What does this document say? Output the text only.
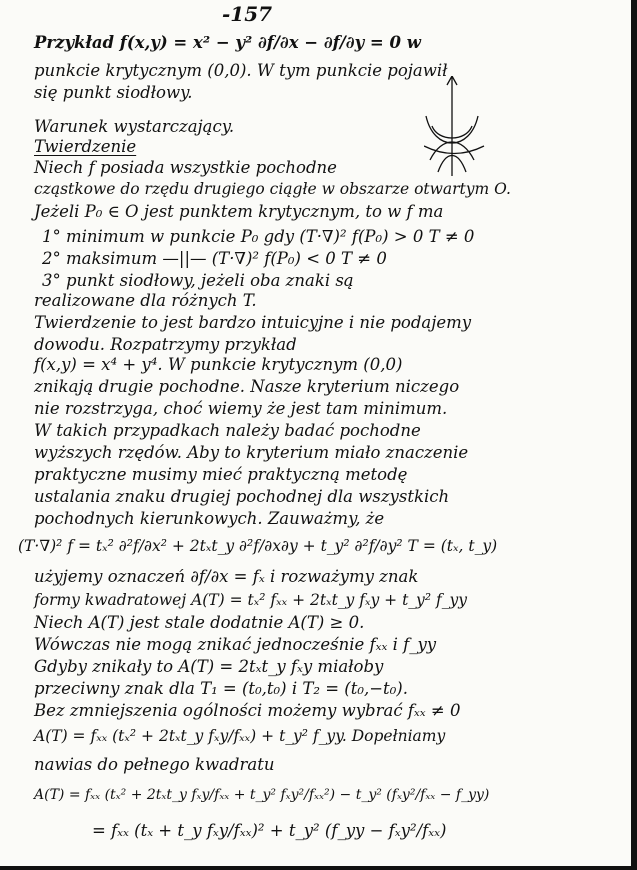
-157
Przykład f(x,y) = x² − y² ∂f/∂x − ∂f/∂y = 0 w
punkcie krytycznym (0,0). W tym punkcie pojawił
się punkt siodłowy.
Warunek wystarczający.
Twierdzenie
Niech f posiada wszystkie pochodne
cząstkowe do rzędu drugiego ciągłe w obszarze otwartym O.
Jeżeli P₀ ∈ O jest punktem krytycznym, to w f ma
1° minimum w punkcie P₀ gdy (T·∇)² f(P₀) > 0 T ≠ 0
2° maksimum —||— (T·∇)² f(P₀) < 0 T ≠ 0
3° punkt siodłowy, jeżeli oba znaki są
realizowane dla różnych T.
Twierdzenie to jest bardzo intuicyjne i nie podajemy
dowodu. Rozpatrzymy przykład
f(x,y) = x⁴ + y⁴. W punkcie krytycznym (0,0)
znikają drugie pochodne. Nasze kryterium niczego
nie rozstrzyga, choć wiemy że jest tam minimum.
W takich przypadkach należy badać pochodne
wyższych rzędów. Aby to kryterium miało znaczenie
praktyczne musimy mieć praktyczną metodę
ustalania znaku drugiej pochodnej dla wszystkich
pochodnych kierunkowych. Zauważmy, że
(T·∇)² f = tₓ² ∂²f/∂x² + 2tₓt_y ∂²f/∂x∂y + t_y² ∂²f/∂y² T = (tₓ, t_y)
użyjemy oznaczeń ∂f/∂x = fₓ i rozważymy znak
formy kwadratowej A(T) = tₓ² fₓₓ + 2tₓt_y fₓy + t_y² f_yy
Niech A(T) jest stale dodatnie A(T) ≥ 0.
Wówczas nie mogą znikać jednocześnie fₓₓ i f_yy
Gdyby znikały to A(T) = 2tₓt_y fₓy miałoby
przeciwny znak dla T₁ = (t₀,t₀) i T₂ = (t₀,−t₀).
Bez zmniejszenia ogólności możemy wybrać fₓₓ ≠ 0
A(T) = fₓₓ (tₓ² + 2tₓt_y fₓy/fₓₓ) + t_y² f_yy. Dopełniamy
nawias do pełnego kwadratu
A(T) = fₓₓ (tₓ² + 2tₓt_y fₓy/fₓₓ + t_y² fₓy²/fₓₓ²) − t_y² (fₓy²/fₓₓ − f_yy)
= fₓₓ (tₓ + t_y fₓy/fₓₓ)² + t_y² (f_yy − fₓy²/fₓₓ)
